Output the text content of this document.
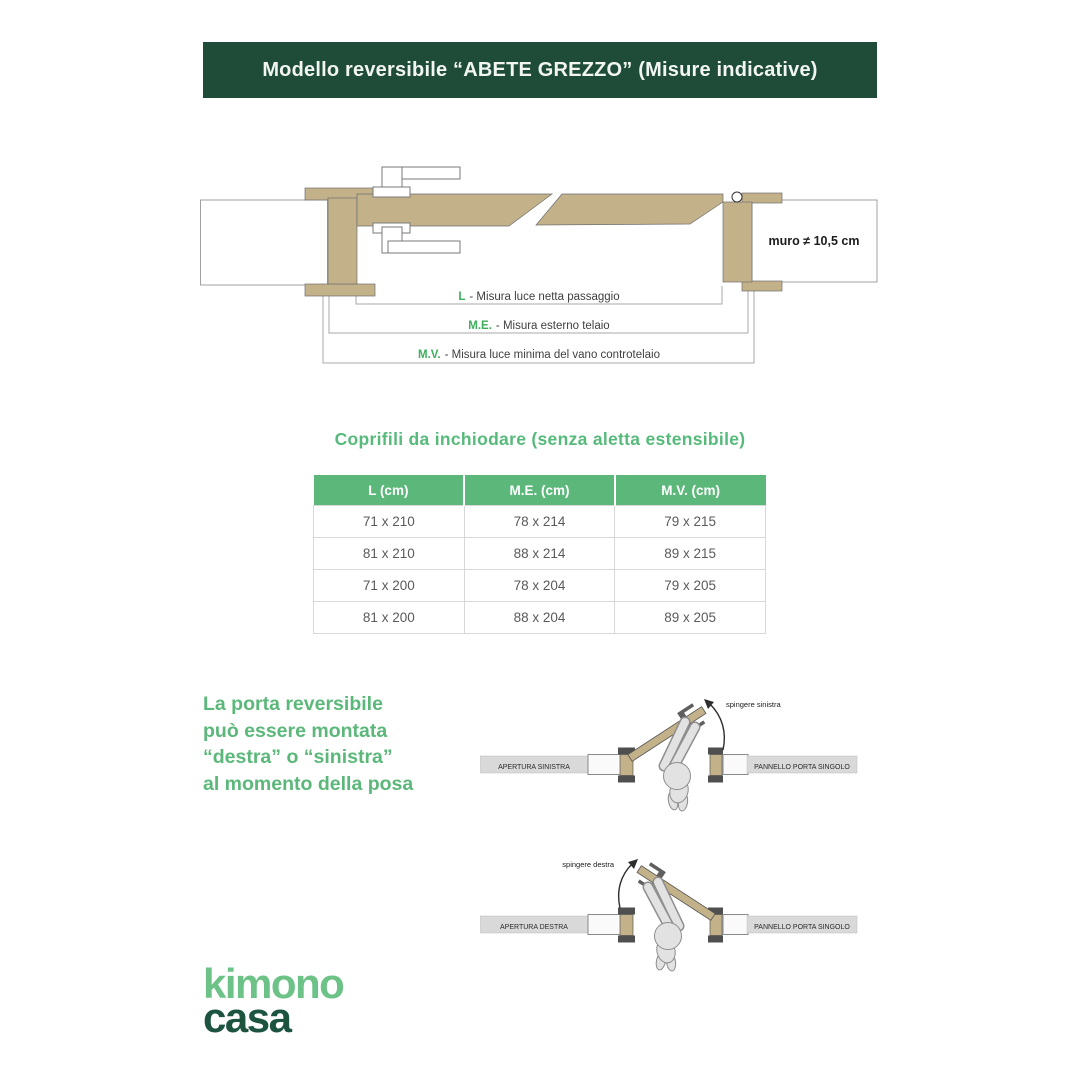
Modello reversibile “ABETE GREZZO” (Misure indicative)
muro ≠ 10,5 cm
L - Misura luce netta passaggio
M.E. - Misura esterno telaio
M.V. - Misura luce minima del vano controtelaio
Coprifili da inchiodare (senza aletta estensibile)
L (cm)	M.E. (cm)	M.V. (cm)
71 x 210	78 x 214	79 x 215
81 x 210	88 x 214	89 x 215
71 x 200	78 x 204	79 x 205
81 x 200	88 x 204	89 x 205
La porta reversibile
può essere montata
“destra” o “sinistra”
al momento della posa
APERTURA SINISTRA	PANNELLO PORTA SINGOLO
spingere sinistra
APERTURA DESTRA	PANNELLO PORTA SINGOLO
spingere destra
kimono
casa
